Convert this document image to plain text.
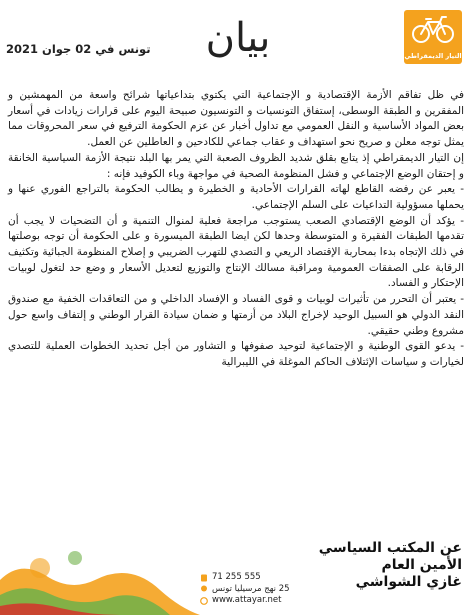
التيار الديمقراطي
بيان
تونس في 02 جوان 2021

في ظل تفاقم الأزمة الإقتصادية و الإجتماعية التي يكتوي بتداعياتها شرائح واسعة من المهمشين و المفقرين و الطبقة الوسطى، إستفاق التونسيات و التونسيون صبيحة اليوم على قرارات زيادات في أسعار بعض المواد الأساسية و النقل العمومي مع تداول أخبار عن عزم الحكومة الترفيع في سعر المحروقات مما يمثل توجه معلن و صريح نحو استهداف و عقاب جماعي للكادحين و العاطلين عن العمل.

إن التيار الديمقراطي إذ يتابع بقلق شديد الظروف الصعبة التي يمر بها البلد نتيجة الأزمة السياسية الخانقة و إحتقان الوضع الإجتماعي و فشل المنظومة الصحية في مواجهة وباء الكوفيد فإنه :

- يعبر عن رفضه القاطع لهاته القرارات الأحادية و الخطيرة و يطالب الحكومة بالتراجع الفوري عنها و يحملها مسؤولية التداعيات على السلم الإجتماعي.

- يؤكد أن الوضع الإقتصادي الصعب يستوجب مراجعة فعلية لمنوال التنمية و أن التضحيات لا يجب أن تقدمها الطبقات الفقيرة و المتوسطة وحدها لكن ايضا الطبقة الميسورة و على الحكومة أن توجه بوصلتها في ذلك الإتجاه بدءا بمحاربة الإقتصاد الريعي و التصدي للتهرب الضريبي و إصلاح المنظومة الجبائية وتكثيف الرقابة على الصفقات العمومية ومراقبة مسالك الإنتاج والتوزيع لتعديل الأسعار و وضع حد لتغول لوبيات الإحتكار و الفساد.

- يعتبر أن التحرر من تأثيرات لوبيات و قوى الفساد و الإفساد الداخلي و من التعاقدات الخفية مع صندوق النقد الدولي هو السبيل الوحيد لإخراج البلاد من أزمتها و ضمان سيادة القرار الوطني و إلتفاف واسع حول مشروع وطني حقيقي.

- يدعو القوى الوطنية و الإجتماعية لتوحيد صفوفها و التشاور من أجل تحديد الخطوات العملية للتصدي لخيارات و سياسات الإئتلاف الحاكم الموغلة في الليبرالية

71 255 555
25 نهج مرسيليا تونس
www.attayar.net
عن المكتب السياسي
الأمين العام
غازي الشواشي
